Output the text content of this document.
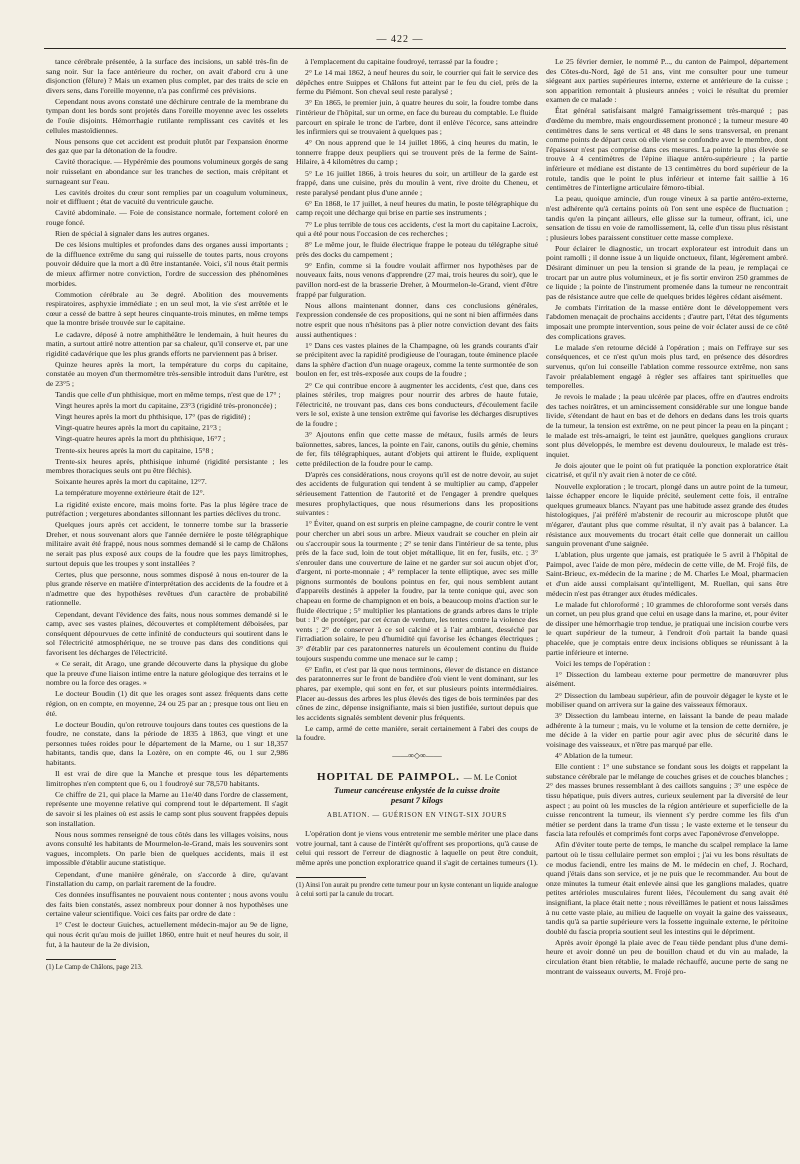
— 422 —

tance cérébrale présentée, à la surface des incisions, un sablé très-fin de sang noir. Sur la face antérieure du rocher, on avait d'abord cru à une disjonction (fêlure) ? Mais un examen plus complet, par des traits de scie en divers sens, dans l'oreille moyenne, n'a pas confirmé ces prévisions.

Cependant nous avons constaté une déchirure centrale de la membrane du tympan dont les bords sont projetés dans l'oreille moyenne avec les osselets de l'ouïe disjoints. Hémorrhagie rutilante remplissant ces cavités et les cellules mastoïdiennes.

Nous pensons que cet accident est produit plutôt par l'expansion énorme des gaz que par la détonation de la foudre.

Cavité thoracique. — Hypérémie des poumons volumineux gorgés de sang noir ruisselant en abondance sur les tranches de section, mais crépitant et surnageant sur l'eau.

Les cavités droites du cœur sont remplies par un coagulum volumineux, noir et diffluent ; état de vacuité du ventricule gauche.

Cavité abdominale. — Foie de consistance normale, fortement coloré en rouge foncé.

Rien de spécial à signaler dans les autres organes.

De ces lésions multiples et profondes dans des organes aussi importants ; de la diffluence extrême du sang qui ruisselle de toutes parts, nous croyons pouvoir déduire que la mort a dû être instantanée. Voici, s'il nous était permis de mieux affirmer notre conviction, l'ordre de succession des phénomènes morbides.

Commotion cérébrale au 3e degré. Abolition des mouvements respiratoires, asphyxie immédiate ; en un seul mot, la vie s'est arrêtée et le cœur a cessé de battre à sept heures cinquante-trois minutes, en même temps que la montre brisée trouvée sur le capitaine.

Le cadavre, déposé à notre amphithéâtre le lendemain, à huit heures du matin, a surtout attiré notre attention par sa chaleur, qu'il conserve et, par une rigidité cadavérique que les plus grands efforts ne parviennent pas à briser.

Quinze heures après la mort, la température du corps du capitaine, constatée au moyen d'un thermomètre très-sensible introduit dans l'urètre, est de 23°5 ;

Tandis que celle d'un phthisique, mort en même temps, n'est que de 17° ;

Vingt heures après la mort du capitaine, 23°3 (rigidité très-prononcée) ;

Vingt heures après la mort du phthisique, 17° (pas de rigidité) ;

Vingt-quatre heures après la mort du capitaine, 21°3 ;

Vingt-quatre heures après la mort du phthisique, 16°7 ;

Trente-six heures après la mort du capitaine, 15°8 ;

Trente-six heures après, phthisique inhumé (rigidité persistante ; les membres thoraciques seuls ont pu être fléchis).

Soixante heures après la mort du capitaine, 12°7.

La température moyenne extérieure était de 12°.

La rigidité existe encore, mais moins forte. Pas la plus légère trace de putréfaction ; vergetures abondantes sillonnant les parties déclives du tronc.

Quelques jours après cet accident, le tonnerre tombe sur la brasserie Dreher, et nous souvenant alors que l'année dernière le poste télégraphique militaire avait été frappé, nous nous sommes demandé si le camp de Châlons ne serait pas plus exposé aux coups de la foudre que les pays limitrophes, surtout depuis que les troupes y sont installées ?

Certes, plus que personne, nous sommes disposé à nous en-tourer de la plus grande réserve en matière d'interprétation des accidents de la foudre et à n'admettre que des hypothèses revêtues d'un caractère de probabilité rationnelle.

Cependant, devant l'évidence des faits, nous nous sommes demandé si le camp, avec ses vastes plaines, découvertes et complétement déboisées, par conséquent dépourvues de cette infinité de conducteurs qui soutirent dans le sol l'électricité atmosphérique, ne se trouve pas dans des conditions qui favorisent les décharges de l'électricité.

« Ce serait, dit Arago, une grande découverte dans la physique du globe que la preuve d'une liaison intime entre la nature géologique des terrains et le nombre ou la force des orages. »

Le docteur Boudin (1) dit que les orages sont assez fréquents dans cette région, on en compte, en moyenne, 24 ou 25 par an ; presque tous ont lieu en été.

Le docteur Boudin, qu'on retrouve toujours dans toutes ces questions de la foudre, ne constate, dans la période de 1835 à 1863, que vingt et une personnes tuées roides pour le département de la Marne, ou 1 sur 18,357 habitants, tandis que, dans la Lozère, on en compte 46, ou 1 sur 2,986 habitants.

Il est vrai de dire que la Manche et presque tous les départements limitrophes n'en comptent que 6, ou 1 foudroyé sur 78,570 habitants.

Ce chiffre de 21, qui place la Marne au 11e/40 dans l'ordre de classement, représente une moyenne relative qui comprend tout le département. Il s'agit de savoir si les plaines où est assis le camp sont plus souvent frappées depuis son installation.

Nous nous sommes renseigné de tous côtés dans les villages voisins, nous avons consulté les habitants de Mourmelon-le-Grand, mais les souvenirs sont vagues, incomplets. On parle bien de quelques accidents, mais il est impossible d'établir aucune statistique.

Cependant, d'une manière générale, on s'accorde à dire, qu'avant l'installation du camp, on parlait rarement de la foudre.

Ces données insuffisantes ne pouvaient nous contenter ; nous avons voulu des faits bien constatés, assez nombreux pour donner à nos hypothèses une certaine valeur scientifique. Voici ces faits par ordre de date :

1° C'est le docteur Guiches, actuellement médecin-major au 9e de ligne, qui nous écrit qu'au mois de juillet 1860, entre huit et neuf heures du soir, il fut, à la hauteur de la 2e division,

(1) Le Camp de Châlons, page 213.

à l'emplacement du capitaine foudroyé, terrassé par la foudre ;

2° Le 14 mai 1862, à neuf heures du soir, le courrier qui fait le service des dépêches entre Suippes et Châlons fut atteint par le feu du ciel, près de la ferme du Piémont. Son cheval seul reste paralysé ;

3° En 1865, le premier juin, à quatre heures du soir, la foudre tombe dans l'intérieur de l'hôpital, sur un orme, en face du bureau du comptable. Le fluide parcourt en spirale le tronc de l'arbre, dont il enlève l'écorce, sans atteindre les infirmiers qui se trouvaient à quelques pas ;

4° On nous apprend que le 14 juillet 1866, à cinq heures du matin, le tonnerre frappe deux peupliers qui se trouvent près de la ferme de Saint-Hilaire, à 4 kilomètres du camp ;

5° Le 16 juillet 1866, à trois heures du soir, un artilleur de la garde est frappé, dans une cuisine, près du moulin à vent, rive droite du Cheneu, et reste paralysé pendant plus d'une année ;

6° En 1868, le 17 juillet, à neuf heures du matin, le poste télégraphique du camp reçoit une décharge qui brise en partie ses instruments ;

7° Le plus terrible de tous ces accidents, c'est la mort du capitaine Lacroix, qui a été pour nous l'occasion de ces recherches ;

8° Le même jour, le fluide électrique frappe le poteau du télégraphe situé près des docks du campement ;

9° Enfin, comme si la foudre voulait affirmer nos hypothèses par de nouveaux faits, nous venons d'apprendre (27 mai, trois heures du soir), que le pavillon nord-est de la brasserie Dreher, à Mourmelon-le-Grand, vient d'être frappé par fulguration.

Nous allons maintenant donner, dans ces conclusions générales, l'expression condensée de ces propositions, qui ne sont ni bien affirmées dans notre esprit que nous n'hésitons pas à plier notre conviction devant des faits aussi authentiques :

1° Dans ces vastes plaines de la Champagne, où les grands courants d'air se précipitent avec la rapidité prodigieuse de l'ouragan, toute éminence placée dans la sphère d'action d'un nuage orageux, comme la tente surmontée de son boulon en fer, est très-exposée aux coups de la foudre ;

2° Ce qui contribue encore à augmenter les accidents, c'est que, dans ces plaines stériles, trop maigres pour nourrir des arbres de haute futaie, l'électricité, ne trouvant pas, dans ces bons conducteurs, d'écoulement facile vers le sol, existe à une tension extrême qui favorise les décharges disruptives de la foudre ;

3° Ajoutons enfin que cette masse de métaux, fusils armés de leurs baïonnettes, sabres, lances, la pointe en l'air, canons, outils du génie, chemins de fer, fils télégraphiques, autant d'objets qui attirent le fluide, expliquent cette prédilection de la foudre pour le camp.

D'après ces considérations, nous croyons qu'il est de notre devoir, au sujet des accidents de fulguration qui tendent à se multiplier au camp, d'appeler sérieusement l'attention de l'autorité et de l'engager à prendre quelques mesures prophylactiques, que nous résumerions dans les propositions suivantes :

1° Éviter, quand on est surpris en pleine campagne, de courir contre le vent pour chercher un abri sous un arbre. Mieux vaudrait se coucher en plein air ou s'accroupir sous la tourmente ; 2° se tenir dans l'intérieur de sa tente, plus près de la face sud, loin de tout objet métallique, lit en fer, fusils, etc. ; 3° s'enrouler dans une couverture de laine et ne garder sur soi aucun objet d'or, d'argent, ni porte-monnaie ; 4° remplacer la tente elliptique, avec ses mille pignons surmontés de boulons pointus en fer, qui nous semblent autant d'appareils destinés à appeler la foudre, par la tente conique qui, avec son chapeau en forme de champignon et en bois, a beaucoup moins d'action sur le fluide électrique ; 5° multiplier les plantations de grands arbres dans le triple but : 1° de protéger, par cet écran de verdure, les tentes contre la violence des vents ; 2° de conserver à ce sol calciné et à l'air ambiant, desséché par l'irradiation solaire, le peu d'humidité qui favorise les échanges électriques ; 3° d'établir par ces paratonnerres naturels un écoulement continu du fluide toujours suspendu comme une menace sur le camp ;

6° Enfin, et c'est par là que nous terminons, élever de distance en distance des paratonnerres sur le front de bandière d'où vient le vent dominant, sur les phares, par exemple, qui sont en fer, et sur plusieurs points intermédiaires. Placer au-dessus des arbres les plus élevés des tiges de bois terminées par des cônes de zinc, dépense insignifiante, mais si bien justifiée, surtout depuis que les accidents signalés semblent devenir plus fréquents.

Le camp, armé de cette manière, serait certainement à l'abri des coups de la foudre.

——∞◇∞——
HOPITAL DE PAIMPOL. — M. Le Coniot
Tumeur cancéreuse enkystée de la cuisse droite
pesant 7 kilogs
ABLATION. — GUÉRISON EN VINGT-SIX JOURS

L'opération dont je viens vous entretenir me semble mériter une place dans votre journal, tant à cause de l'intérêt qu'offrent ses proportions, qu'à cause de celui qui ressort de l'erreur de diagnostic à laquelle on peut être conduit, même après une ponction exploratrice quand il s'agit de certaines tumeurs (1).

(1) Ainsi l'on aurait pu prendre cette tumeur pour un kyste contenant un liquide analogue à celui sorti par la canule du trocart.

Le 25 février dernier, le nommé P..., du canton de Paimpol, département des Côtes-du-Nord, âgé de 51 ans, vint me consulter pour une tumeur siégeant aux parties supérieures interne, externe et antérieure de la cuisse ; son apparition remontait à plusieurs années ; voici le résultat du premier examen de ce malade :

État général satisfaisant malgré l'amaigrissement très-marqué ; pas d'œdème du membre, mais engourdissement prononcé ; la tumeur mesure 40 centimètres dans le sens vertical et 48 dans le sens transversal, en prenant comme points de départ ceux où elle vient se confondre avec le membre, dont l'épaisseur n'est pas comprise dans ces mesures. La pointe la plus élevée se trouve à 4 centimètres de l'épine iliaque antéro-supérieure ; la partie inférieure et médiane est distante de 13 centimètres du bord supérieur de la rotule, tandis que le point le plus inférieur et interne fait saillie à 16 centimètres de l'interligne articulaire fémoro-tibial.

La peau, quoique amincie, d'un rouge vineux à sa partie antéro-externe, n'est adhérente qu'à certains points où l'on sent une espèce de fluctuation ; tandis qu'en la pinçant ailleurs, elle glisse sur la tumeur, offrant, ici, une sensation de tissu en voie de ramollissement, là, celle d'un tissu plus résistant ; plusieurs lobes paraissent constituer cette masse complexe.

Pour éclairer le diagnostic, un trocart explorateur est introduit dans un point ramolli ; il donne issue à un liquide onctueux, filant, légèrement ambré. Désirant diminuer un peu la tension si grande de la peau, je remplaçai ce trocart par un autre plus volumineux, et je fis sortir environ 250 grammes de ce liquide ; la pointe de l'instrument promenée dans la tumeur ne rencontrait pas de résistance autre que celle de quelques brides légères cédant aisément.

Je combats l'irritation de la masse entière dont le développement vers l'abdomen menaçait de prochains accidents ; d'autre part, l'état des téguments imposait une prompte intervention, sous peine de voir éclater aussi de ce côté des complications graves.

Le malade s'en retourne décidé à l'opération ; mais on l'effraye sur ses conséquences, et ce n'est qu'un mois plus tard, en présence des désordres survenus, qu'on lui conseille l'ablation comme ressource extrême, non sans l'avoir préalablement engagé à régler ses affaires tant spirituelles que temporelles.

Je revois le malade ; la peau ulcérée par places, offre en d'autres endroits des taches noirâtres, et un amincissement considérable sur une longue bande livide, s'étendant de haut en bas et de dehors en dedans dans les trois quarts de la tumeur, la tension est extrême, on ne peut pincer la peau en la pinçant ; le malade est très-amaigri, le teint est jaunâtre, quelques ganglions cruraux sont plus développés, le membre est devenu douloureux, le malade est très-inquiet.

Je dois ajouter que le point où fut pratiquée la ponction exploratrice était cicatrisé, et qu'il n'y avait rien à noter de ce côté.

Nouvelle exploration ; le trocart, plongé dans un autre point de la tumeur, laisse échapper encore le liquide précité, seulement cette fois, il entraîne quelques grumeaux blancs. N'ayant pas une habitude assez grande des études histologiques, j'ai préféré m'abstenir de recourir au microscope plutôt que m'égarer, d'autant plus que comme résultat, il n'y avait pas à balancer. La résistance aux mouvements du trocart était celle que donnerait un caillou sanguin provenant d'une saignée.

L'ablation, plus urgente que jamais, est pratiquée le 5 avril à l'hôpital de Paimpol, avec l'aide de mon père, médecin de cette ville, de M. Frojé fils, de Saint-Brieuc, ex-médecin de la marine ; de M. Charles Le Moal, pharmacien et d'un aide aussi complaisant qu'intelligent, M. Ruellan, qui sans être médecin n'est pas étranger aux études médicales.

Le malade fut chloroformé ; 10 grammes de chloroforme sont versés dans un cornet, un peu plus grand que celui en usage dans la marine, et, pour éviter de dissiper une hémorrhagie trop tendue, je pratiquai une incision courbe vers le quart supérieur de la tumeur, à l'endroit d'où partait la bande quasi phacelée, que je comptais entre deux incisions obliques se réunissant à la partie inférieure et interne.

Voici les temps de l'opération :

1° Dissection du lambeau externe pour permettre de manœuvrer plus aisément.

2° Dissection du lambeau supérieur, afin de pouvoir dégager le kyste et le mobiliser quand on arrivera sur la gaine des vaisseaux fémoraux.

3° Dissection du lambeau interne, en laissant la bande de peau malade adhérente à la tumeur ; mais, vu le volume et la tension de cette dernière, je me décide à la vider en partie pour agir avec plus de sécurité dans le voisinage des vaisseaux, et n'être pas marqué par elle.

4° Ablation de la tumeur.

Elle contient : 1° une substance se fondant sous les doigts et rappelant la substance cérébrale par le mélange de couches grises et de couches blanches ; 2° des masses brunes ressemblant à des caillots sanguins ; 3° une espèce de tissu hépatique, puis divers autres, curieux seulement par la diversité de leur aspect ; au point où les muscles de la région antérieure et superficielle de la cuisse rencontrent la tumeur, ils viennent s'y perdre comme les fils d'un métier se perdent dans la trame d'un tissu ; le vaste externe et le tenseur du fascia lata refoulés et comprimés font corps avec l'aponévrose d'enveloppe.

Afin d'éviter toute perte de temps, le manche du scalpel remplace la lame partout où le tissu cellulaire permet son emploi ; j'ai vu les bons résultats de ce modus faciendi, entre les mains de M. le médecin en chef, J. Rochard, quand j'étais dans son service, et je ne puis que le recommander. Au bout de onze minutes la tumeur était enlevée ainsi que les ganglions malades, quatre petites artérioles musculaires furent liées, l'écoulement du sang avait été insignifiant, la place était nette ; nous réveillâmes le patient et nous laissâmes à nu cette vaste plaie, au milieu de laquelle on voyait la gaine des vaisseaux, tandis qu'à sa partie supérieure vers la fossette inguinale externe, le péritoine doublé du fascia propria soutient seul les intestins qui le dépriment.

Après avoir épongé la plaie avec de l'eau tiède pendant plus d'une demi-heure et avoir donné un peu de bouillon chaud et du vin au malade, la circulation étant bien rétablie, le malade réchauffé, aucune perte de sang ne montrant de vaisseaux ouverts, M. Frojé pro-
